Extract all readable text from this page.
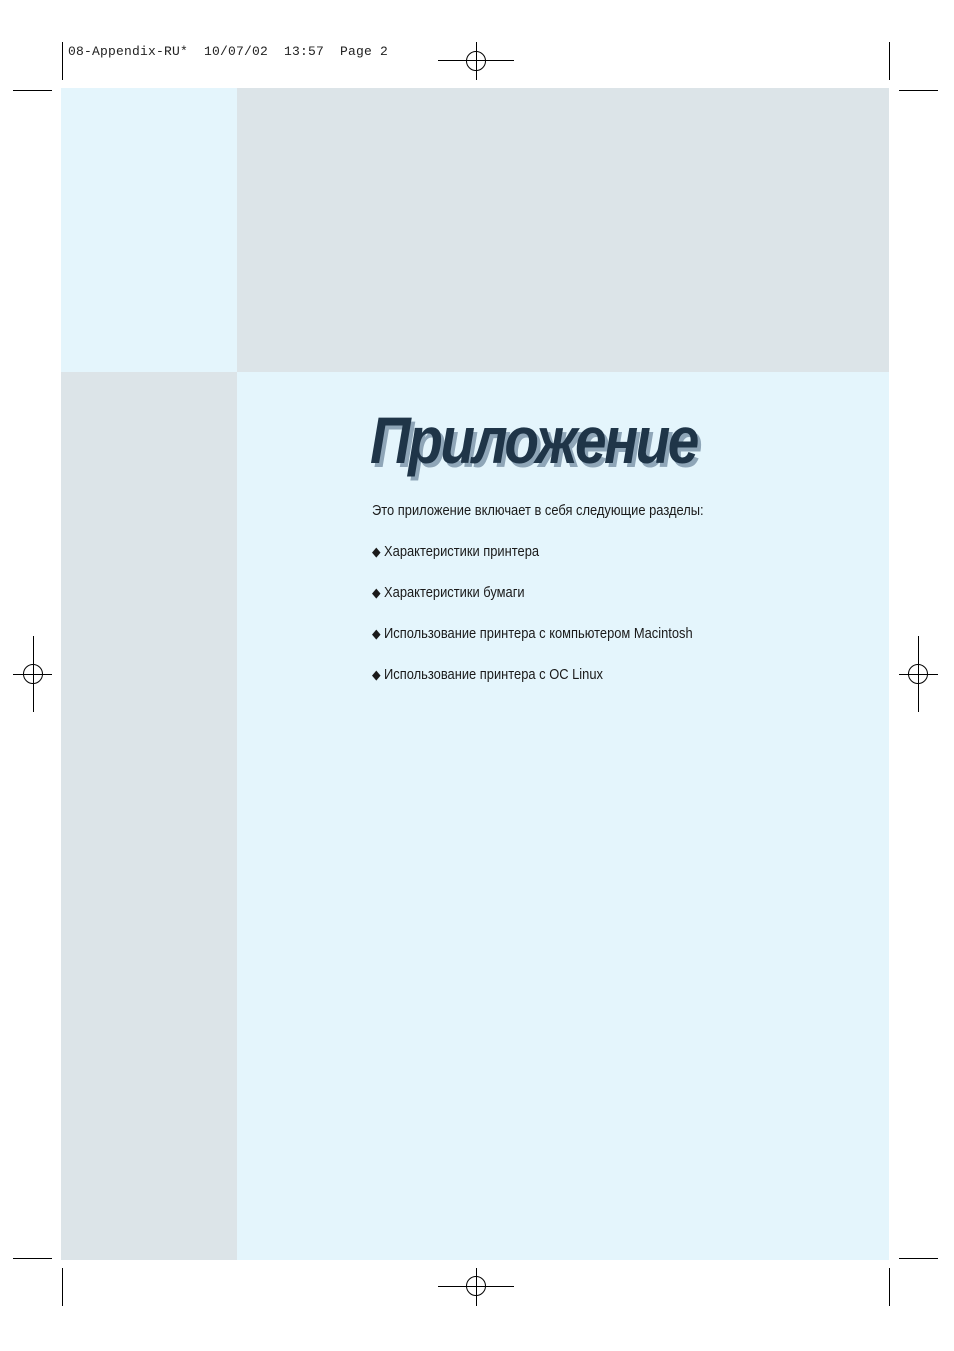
08-Appendix-RU*  10/07/02  13:57  Page 2
Приложение

Это приложение включает в себя следующие разделы:

◆ Характеристики принтера

◆ Характеристики бумаги

◆ Использование принтера с компьютером Macintosh

◆ Использование принтера с ОС Linux
